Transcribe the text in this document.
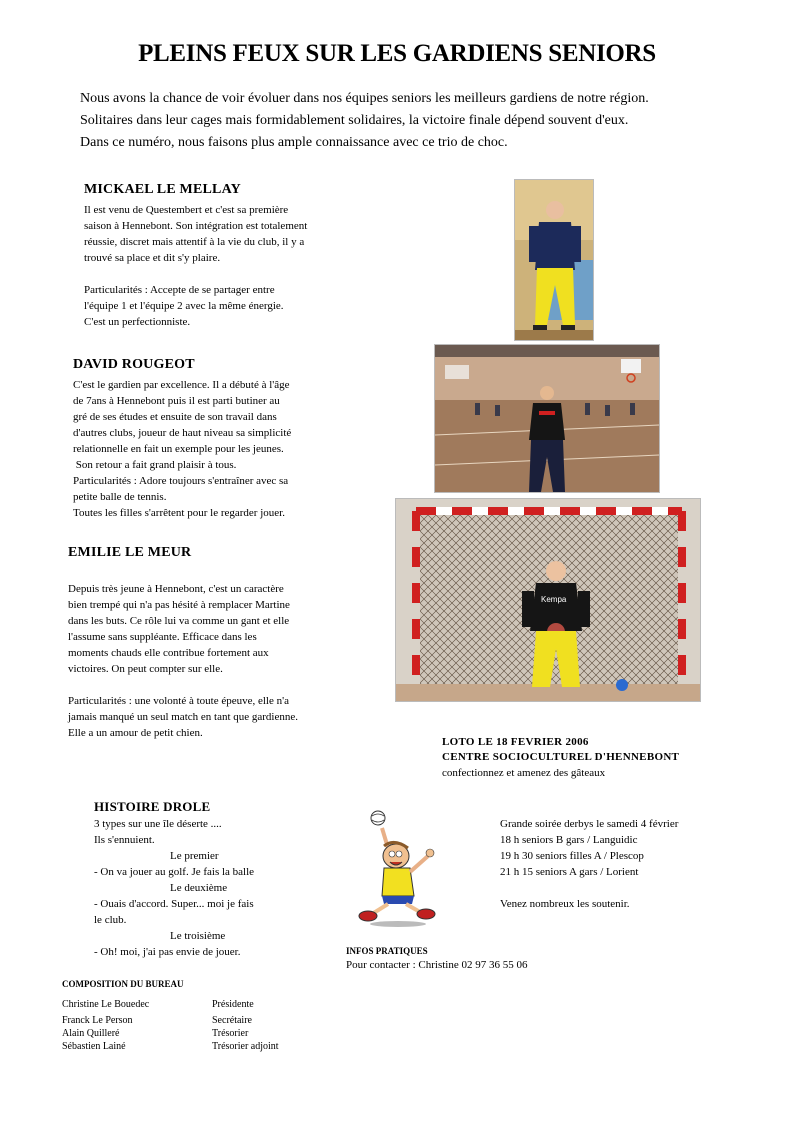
PLEINS FEUX SUR LES GARDIENS SENIORS
Nous avons la chance de voir évoluer dans nos équipes seniors les meilleurs gardiens de notre région.
Solitaires dans leur cages mais formidablement solidaires, la victoire finale dépend souvent d'eux.
Dans ce numéro, nous faisons plus ample connaissance avec ce trio de choc.
MICKAEL LE MELLAY
Il est venu de Questembert et c'est sa première
saison à Hennebont. Son intégration est totalement
réussie, discret mais attentif à la vie du club, il y a
trouvé sa place et dit s'y plaire.
Particularités : Accepte de se partager entre
l'équipe 1 et l'équipe 2 avec la même énergie.
C'est un perfectionniste.
DAVID ROUGEOT
C'est le gardien par excellence. Il a débuté à l'âge
de 7ans à Hennebont puis il est parti butiner au
gré de ses études et ensuite de son travail dans
d'autres clubs, joueur de haut niveau sa simplicité
relationnelle en fait un exemple pour les jeunes.
Son retour a fait grand plaisir à tous.
Particularités : Adore toujours s'entraîner avec sa
petite balle de tennis.
Toutes les filles s'arrêtent pour le regarder jouer.
EMILIE LE MEUR
Depuis très jeune à Hennebont, c'est un caractère
bien trempé qui n'a pas hésité à remplacer Martine
dans les buts. Ce rôle lui va comme un gant et elle
l'assume sans suppléante. Efficace dans les
moments chauds elle contribue fortement aux
victoires. On peut compter sur elle.
Particularités : une volonté à toute épeuve, elle n'a
jamais manqué un seul match en tant que gardienne.
Elle a un amour de petit chien.
Kempa
LOTO LE 18 FEVRIER 2006
CENTRE SOCIOCULTUREL D'HENNEBONT
confectionnez et amenez des gâteaux
HISTOIRE DROLE
3 types sur une île déserte ....
Ils s'ennuient.
Le premier
- On va jouer au golf. Je fais la balle
Le deuxième
- Ouais d'accord. Super... moi je fais
le club.
Le troisième
- Oh! moi, j'ai pas envie de jouer.
Grande soirée derbys le samedi 4 février
18 h seniors B gars / Languidic
19 h 30 seniors filles A / Plescop
21 h 15 seniors A gars / Lorient
Venez nombreux les soutenir.
INFOS PRATIQUES
Pour contacter : Christine 02 97 36 55 06
COMPOSITION DU BUREAU
Christine Le Bouedec	Présidente
Franck Le Person	Secrétaire
Alain Quilleré	Trésorier
Sébastien Lainé	Trésorier adjoint
